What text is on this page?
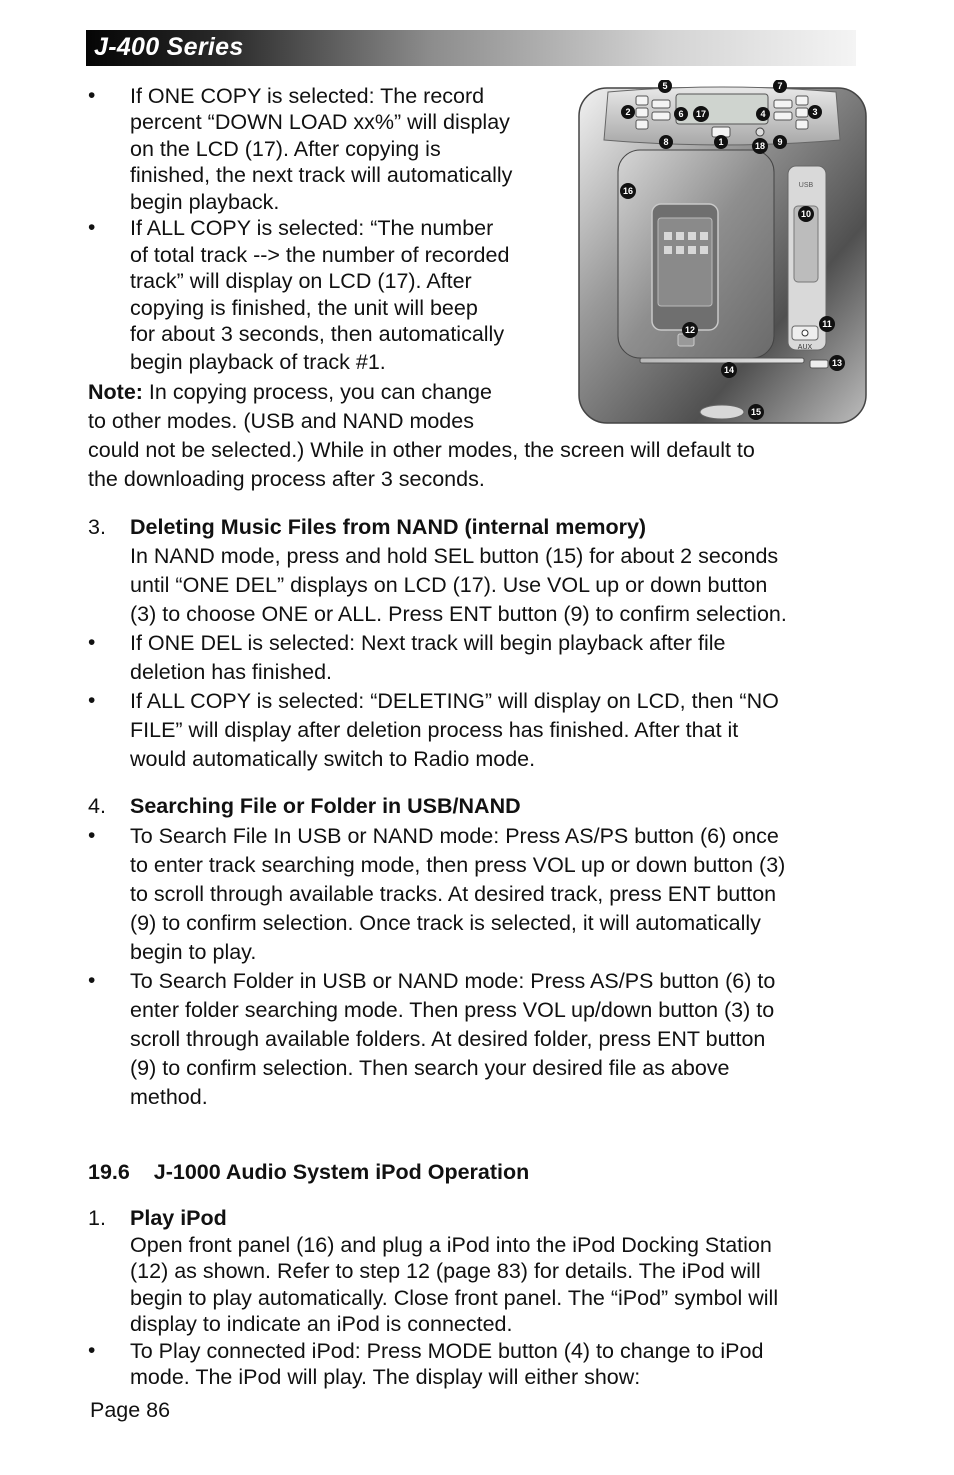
J-400 Series
• If ONE COPY is selected: The record
percent “DOWN LOAD xx%” will display
on the LCD (17). After copying is
finished, the next track will automatically
begin playback.
• If ALL COPY is selected: “The number
of total track --> the number of recorded
track” will display on LCD (17). After
copying is finished, the unit will beep
for about 3 seconds, then automatically
begin playback of track #1.
Note: In copying process, you can change
to other modes. (USB and NAND modes
could not be selected.) While in other modes, the screen will default to
the downloading process after 3 seconds.
USB
AUX
5	7
2	6 17	4	3
8	1	18 9
16
10
12
11
14
13
15
3. Deleting Music Files from NAND (internal memory)
In NAND mode, press and hold SEL button (15) for about 2 seconds
until “ONE DEL” displays on LCD (17). Use VOL up or down button
(3) to choose ONE or ALL. Press ENT button (9) to confirm selection.
• If ONE DEL is selected: Next track will begin playback after file
deletion has finished.
• If ALL COPY is selected: “DELETING” will display on LCD, then “NO
FILE” will display after deletion process has finished. After that it
would automatically switch to Radio mode.
4. Searching File or Folder in USB/NAND
• To Search File In USB or NAND mode: Press AS/PS button (6) once
to enter track searching mode, then press VOL up or down button (3)
to scroll through available tracks. At desired track, press ENT button
(9) to confirm selection. Once track is selected, it will automatically
begin to play.
• To Search Folder in USB or NAND mode: Press AS/PS button (6) to
enter folder searching mode. Then press VOL up/down button (3) to
scroll through available folders. At desired folder, press ENT button
(9) to confirm selection. Then search your desired file as above
method.
19.6    J-1000 Audio System iPod Operation
1. Play iPod
Open front panel (16) and plug a iPod into the iPod Docking Station
(12) as shown. Refer to step 12 (page 83) for details. The iPod will
begin to play automatically. Close front panel. The “iPod” symbol will
display to indicate an iPod is connected.
• To Play connected iPod: Press MODE button (4) to change to iPod
mode. The iPod will play. The display will either show:
Page 86
